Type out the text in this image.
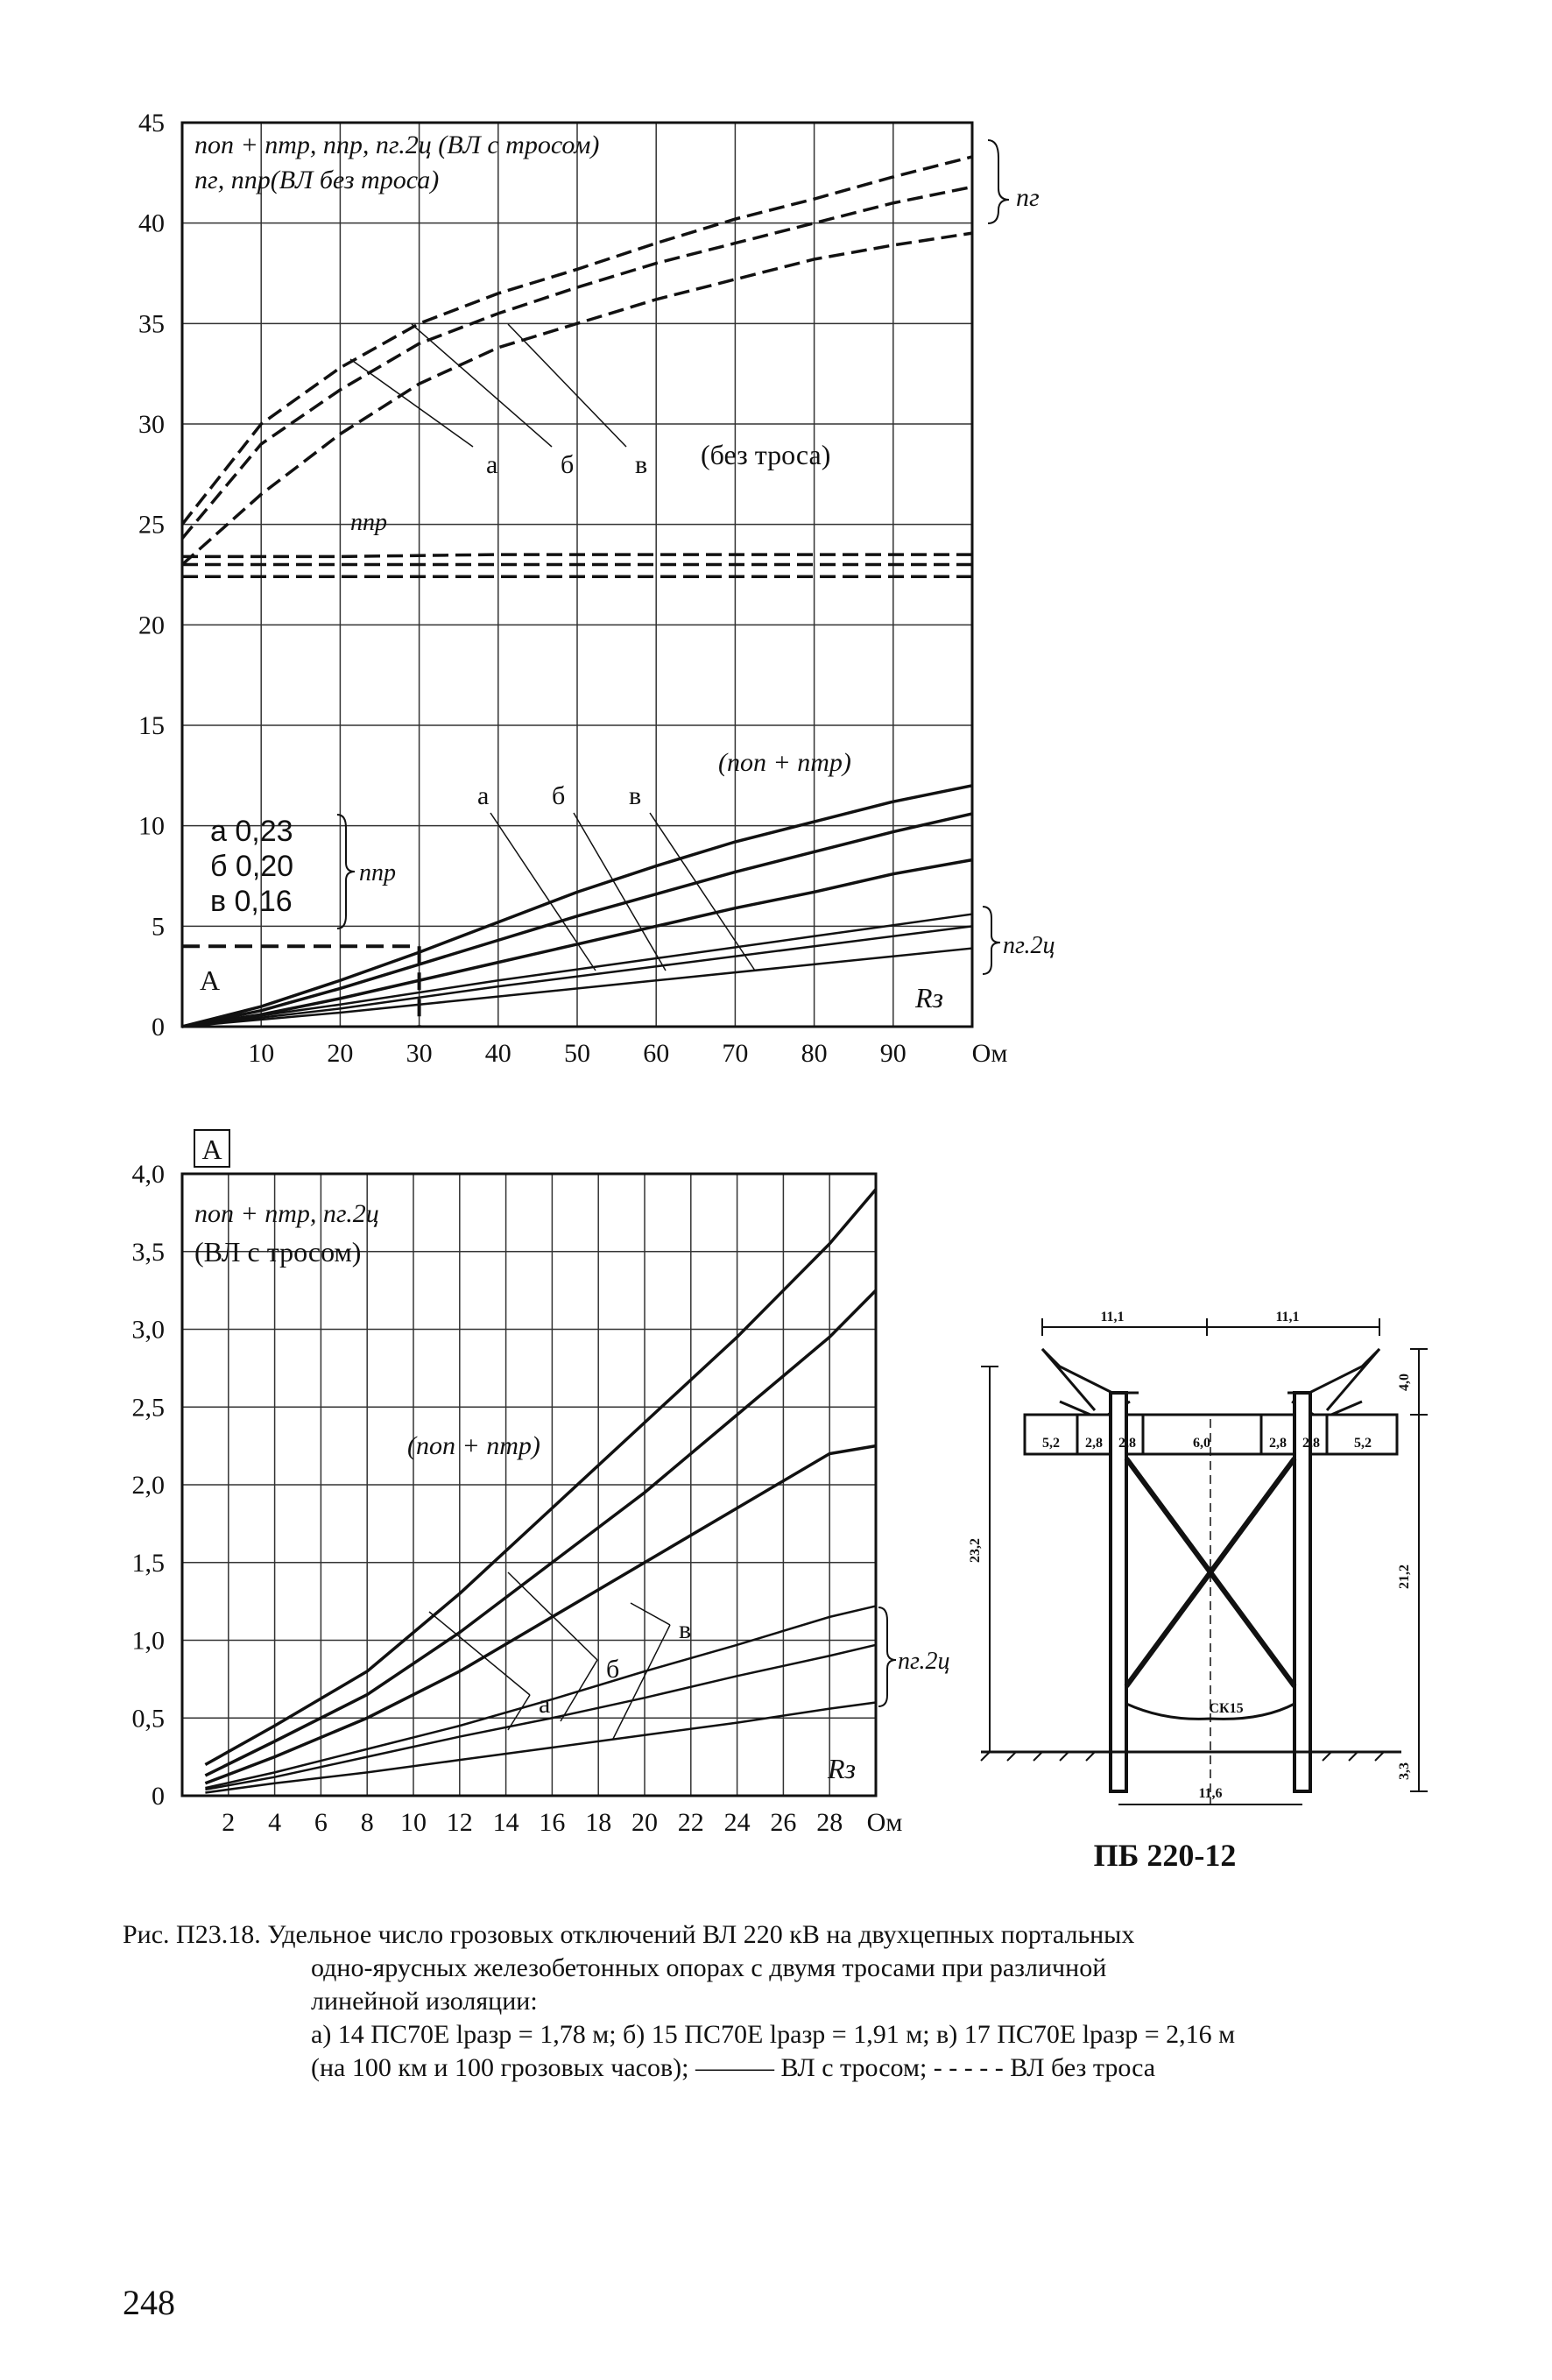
0
5
10
15
20
25
30
35
40
45
10 20 30 40 50 60 70 80 90 Ом
nоп + nтр, nпр, nг.2ц (ВЛ с тросом)
nг, nпр(ВЛ без троса)
nг
а б в (без троса)
nпр
(nоп + nтр)
а б в
а 0,23
б 0,20
в 0,16
nпр
А
nг.2ц
Rз
A
0
0,5
1,0
1,5
2,0
2,5
3,0
3,5
4,0
2 4 6 8 10 12 14 16 18 20 22 24 26 28 Ом
nоп + nтр, nг.2ц
(ВЛ с тросом)
(nоп + nтр)
а
б
в
nг.2ц
Rз
11,1	11,1
5,2 2,8 2,8	6,0	2,8 2,8 5,2
23,2
21,2
4,0
3,3
11,6
СК15
ПБ 220-12
Рис. П23.18. Удельное число грозовых отключений ВЛ 220 кВ на двухцепных портальных

одно-ярусных железобетонных опорах с двумя тросами при различной
линейной изоляции:
а) 14 ПС70Е lразр = 1,78 м; б) 15 ПС70Е lразр = 1,91 м; в) 17 ПС70Е lразр = 2,16 м
(на 100 км и 100 грозовых часов); ——— ВЛ с тросом; - - - - - ВЛ без троса
248
